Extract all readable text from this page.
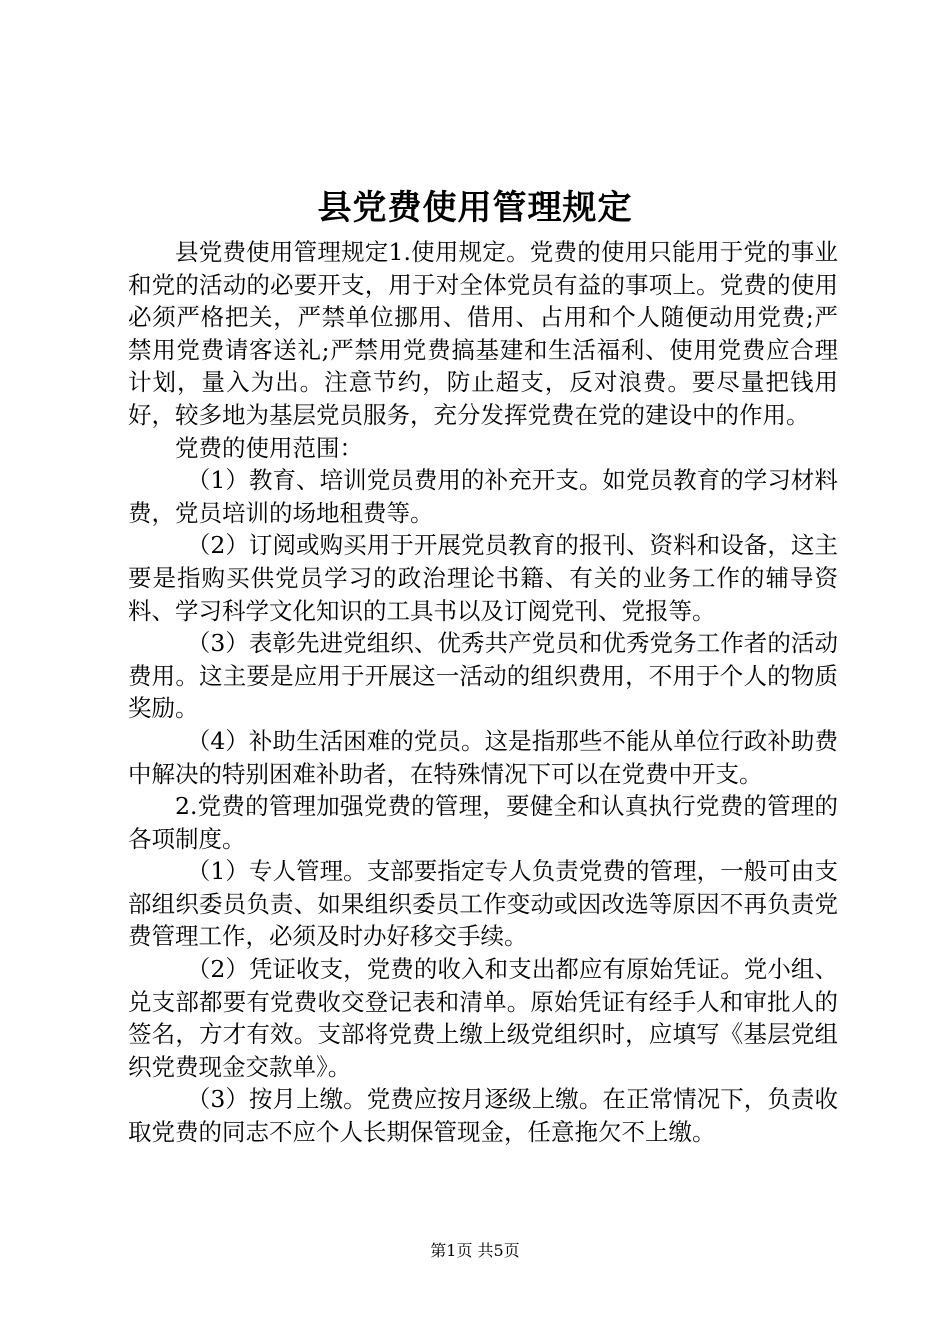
县党费使用管理规定

县党费使用管理规定1.使用规定。党费的使用只能用于党的事业和党的活动的必要开支，用于对全体党员有益的事项上。党费的使用必须严格把关，严禁单位挪用、借用、占用和个人随便动用党费;严禁用党费请客送礼;严禁用党费搞基建和生活福利、使用党费应合理计划，量入为出。注意节约，防止超支，反对浪费。要尽量把钱用好，较多地为基层党员服务，充分发挥党费在党的建设中的作用。

党费的使用范围：

（1）教育、培训党员费用的补充开支。如党员教育的学习材料费，党员培训的场地租费等。

（2）订阅或购买用于开展党员教育的报刊、资料和设备，这主要是指购买供党员学习的政治理论书籍、有关的业务工作的辅导资料、学习科学文化知识的工具书以及订阅党刊、党报等。

（3）表彰先进党组织、优秀共产党员和优秀党务工作者的活动费用。这主要是应用于开展这一活动的组织费用，不用于个人的物质奖励。

（4）补助生活困难的党员。这是指那些不能从单位行政补助费中解决的特别困难补助者，在特殊情况下可以在党费中开支。

2.党费的管理加强党费的管理，要健全和认真执行党费的管理的各项制度。

（1）专人管理。支部要指定专人负责党费的管理，一般可由支部组织委员负责、如果组织委员工作变动或因改选等原因不再负责党费管理工作，必须及时办好移交手续。

（2）凭证收支，党费的收入和支出都应有原始凭证。党小组、兑支部都要有党费收交登记表和清单。原始凭证有经手人和审批人的签名，方才有效。支部将党费上缴上级党组织时，应填写《基层党组织党费现金交款单》。

（3）按月上缴。党费应按月逐级上缴。在正常情况下，负责收取党费的同志不应个人长期保管现金，任意拖欠不上缴。

第1页 共5页
